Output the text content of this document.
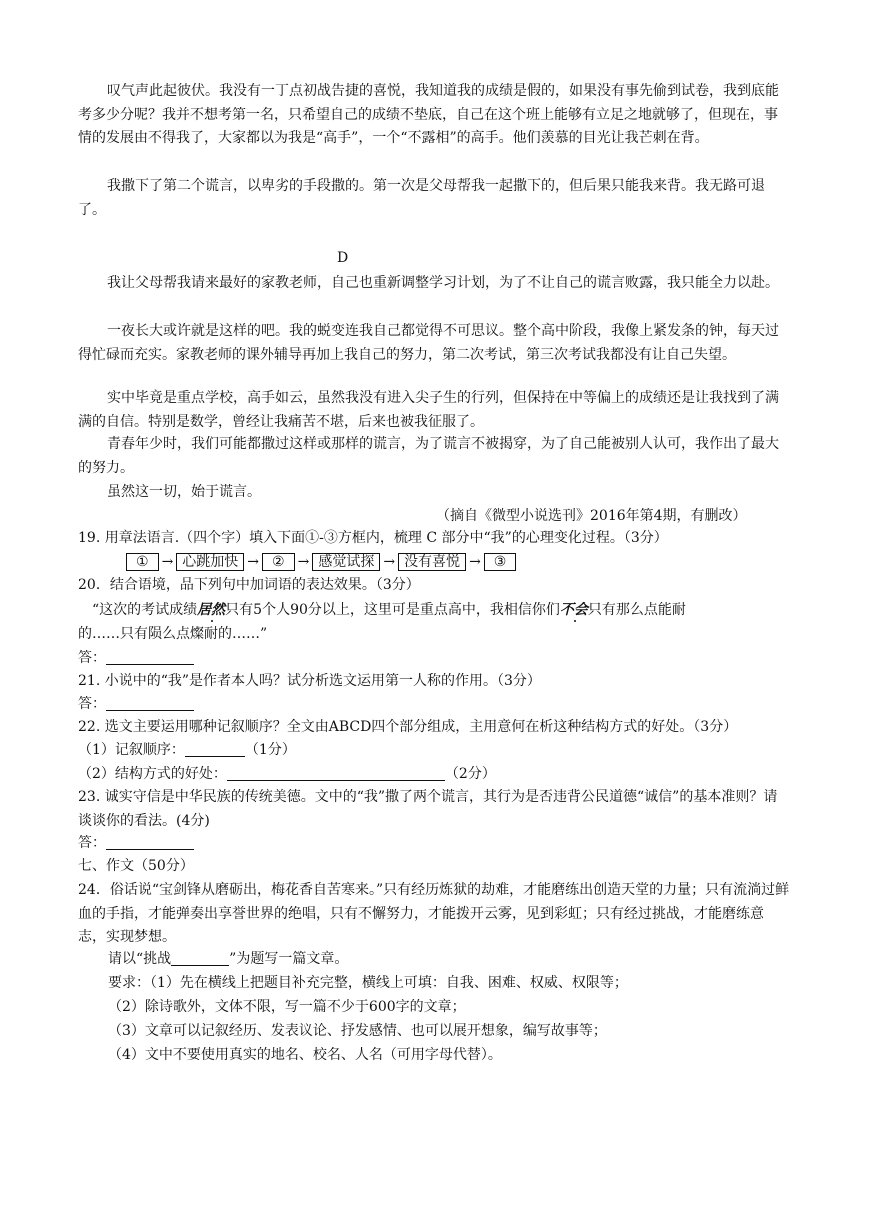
叹气声此起彼伏。我没有一丁点初战告捷的喜悦，我知道我的成绩是假的，如果没有事先偷到试卷，我到底能考多少分呢？我并不想考第一名，只希望自己的成绩不垫底，自己在这个班上能够有立足之地就够了，但现在，事情的发展由不得我了，大家都以为我是“高手”，一个“不露相”的高手。他们羡慕的目光让我芒刺在背。

我撒下了第二个谎言，以卑劣的手段撒的。第一次是父母帮我一起撒下的，但后果只能我来背。我无路可退了。

D

我让父母帮我请来最好的家教老师，自己也重新调整学习计划，为了不让自己的谎言败露，我只能全力以赴。

一夜长大或许就是这样的吧。我的蜕变连我自己都觉得不可思议。整个高中阶段，我像上紧发条的钟，每天过得忙碌而充实。家教老师的课外辅导再加上我自己的努力，第二次考试，第三次考试我都没有让自己失望。

实中毕竟是重点学校，高手如云，虽然我没有进入尖子生的行列，但保持在中等偏上的成绩还是让我找到了满满的自信。特别是数学，曾经让我痛苦不堪，后来也被我征服了。

青春年少时，我们可能都撒过这样或那样的谎言，为了谎言不被揭穿，为了自己能被别人认可，我作出了最大的努力。

虽然这一切，始于谎言。

（摘自《微型小说选刊》2016年第4期，有删改）
19. 用章法语言.（四个字）填入下面①-③方框内，梳理 C 部分中“我”的心理变化过程。（3分）
① → 心跳加快 → ② → 感觉试探 → 没有喜悦 → ③
20．结合语境，品下列句中加词语的表达效果。（3分）
“这次的考试成绩居然只有5个人90分以上，这里可是重点高中，我相信你们不会只有那么点能耐
的……只有陨么点燦耐的……”
答：
21. 小说中的“我”是作者本人吗？试分析选文运用第一人称的作用。（3分）
答：
22. 选文主要运用哪种记叙顺序？全文由ABCD四个部分组成，主用意何在析这种结构方式的好处。（3分）
（1）记叙顺序：	（1分）
（2）结构方式的好处：	（2分）

23. 诚实守信是中华民族的传统美德。文中的“我”撒了两个谎言，其行为是否违背公民道德“诚信”的基本准则？请谈谈你的看法。(4分)

答：
七、作文（50分）

24．俗话说“宝剑锋从磨砺出，梅花香自苦寒来。”只有经历炼狱的劫难，才能磨练出创造天堂的力量；只有流淌过鲜血的手指，才能弹奏出享誉世界的绝唱，只有不懈努力，才能拨开云雾，见到彩虹；只有经过挑战，才能磨练意志，实现梦想。

请以“挑战	”为题写一篇文章。
要求：（1）先在横线上把题目补充完整，横线上可填：自我、困难、权威、权限等；
（2）除诗歌外，文体不限，写一篇不少于600字的文章；
（3）文章可以记叙经历、发表议论、抒发感情、也可以展开想象，编写故事等；
（4）文中不要使用真实的地名、校名、人名（可用字母代替）。
